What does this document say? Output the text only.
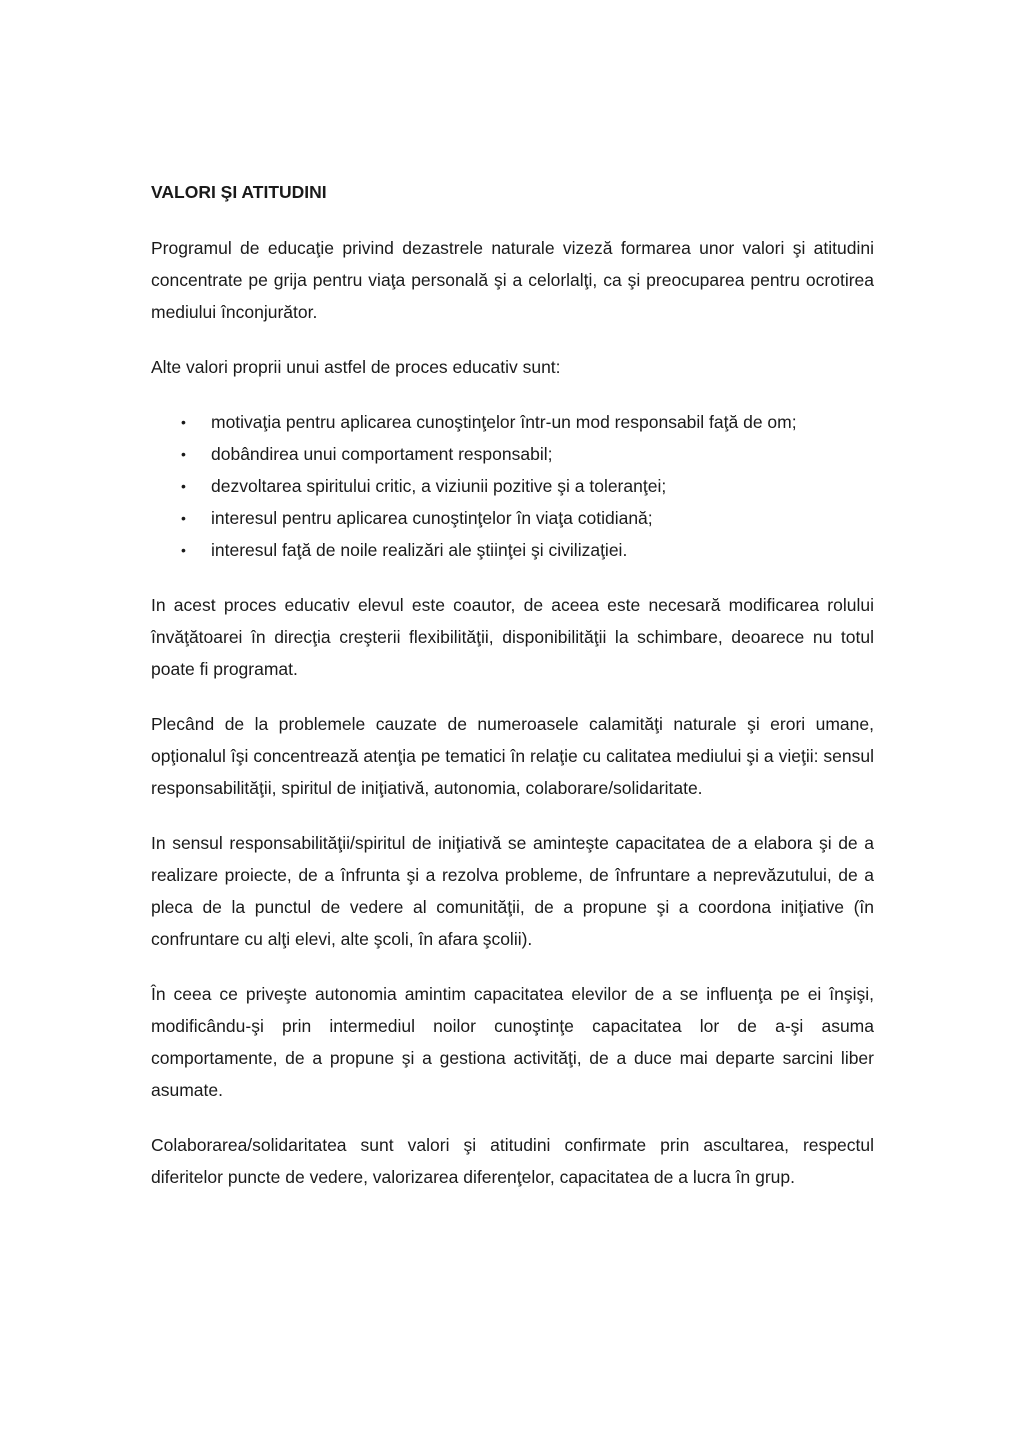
VALORI ŞI ATITUDINI

Programul de educaţie privind dezastrele naturale vizeză formarea unor valori şi atitudini concentrate pe grija pentru viaţa personală şi a celorlalţi, ca şi preocuparea pentru ocrotirea mediului înconjurător.

Alte valori proprii unui astfel de proces educativ sunt:

• motivaţia pentru aplicarea cunoştinţelor într-un mod responsabil faţă de om;
• dobândirea unui comportament responsabil;
• dezvoltarea spiritului critic, a viziunii pozitive şi a toleranţei;
• interesul pentru aplicarea cunoştinţelor în viaţa cotidiană;
• interesul faţă de noile realizări ale ştiinţei şi civilizaţiei.

In acest proces educativ elevul este coautor, de aceea este necesară modificarea rolului învăţătoarei în direcţia creşterii flexibilităţii, disponibilităţii la schimbare, deoarece nu totul poate fi programat.

Plecând de la problemele cauzate de numeroasele calamităţi naturale şi erori umane, opţionalul îşi concentrează atenţia pe tematici în relaţie cu calitatea mediului şi a vieţii: sensul responsabilităţii, spiritul de iniţiativă, autonomia, colaborare/solidaritate.

In sensul responsabilităţii/spiritul de iniţiativă se aminteşte capacitatea de a elabora şi de a realizare proiecte, de a înfrunta şi a rezolva probleme, de înfruntare a neprevăzutului, de a pleca de la punctul de vedere al comunităţii, de a propune şi a coordona iniţiative (în confruntare cu alţi elevi, alte şcoli, în afara şcolii).

În ceea ce priveşte autonomia amintim capacitatea elevilor de a se influenţa pe ei înşişi, modificându-şi prin intermediul noilor cunoştinţe capacitatea lor de a-şi asuma comportamente, de a propune şi a gestiona activităţi, de a duce mai departe sarcini liber asumate.

Colaborarea/solidaritatea sunt valori şi atitudini confirmate prin ascultarea, respectul diferitelor puncte de vedere, valorizarea diferenţelor, capacitatea de a lucra în grup.
